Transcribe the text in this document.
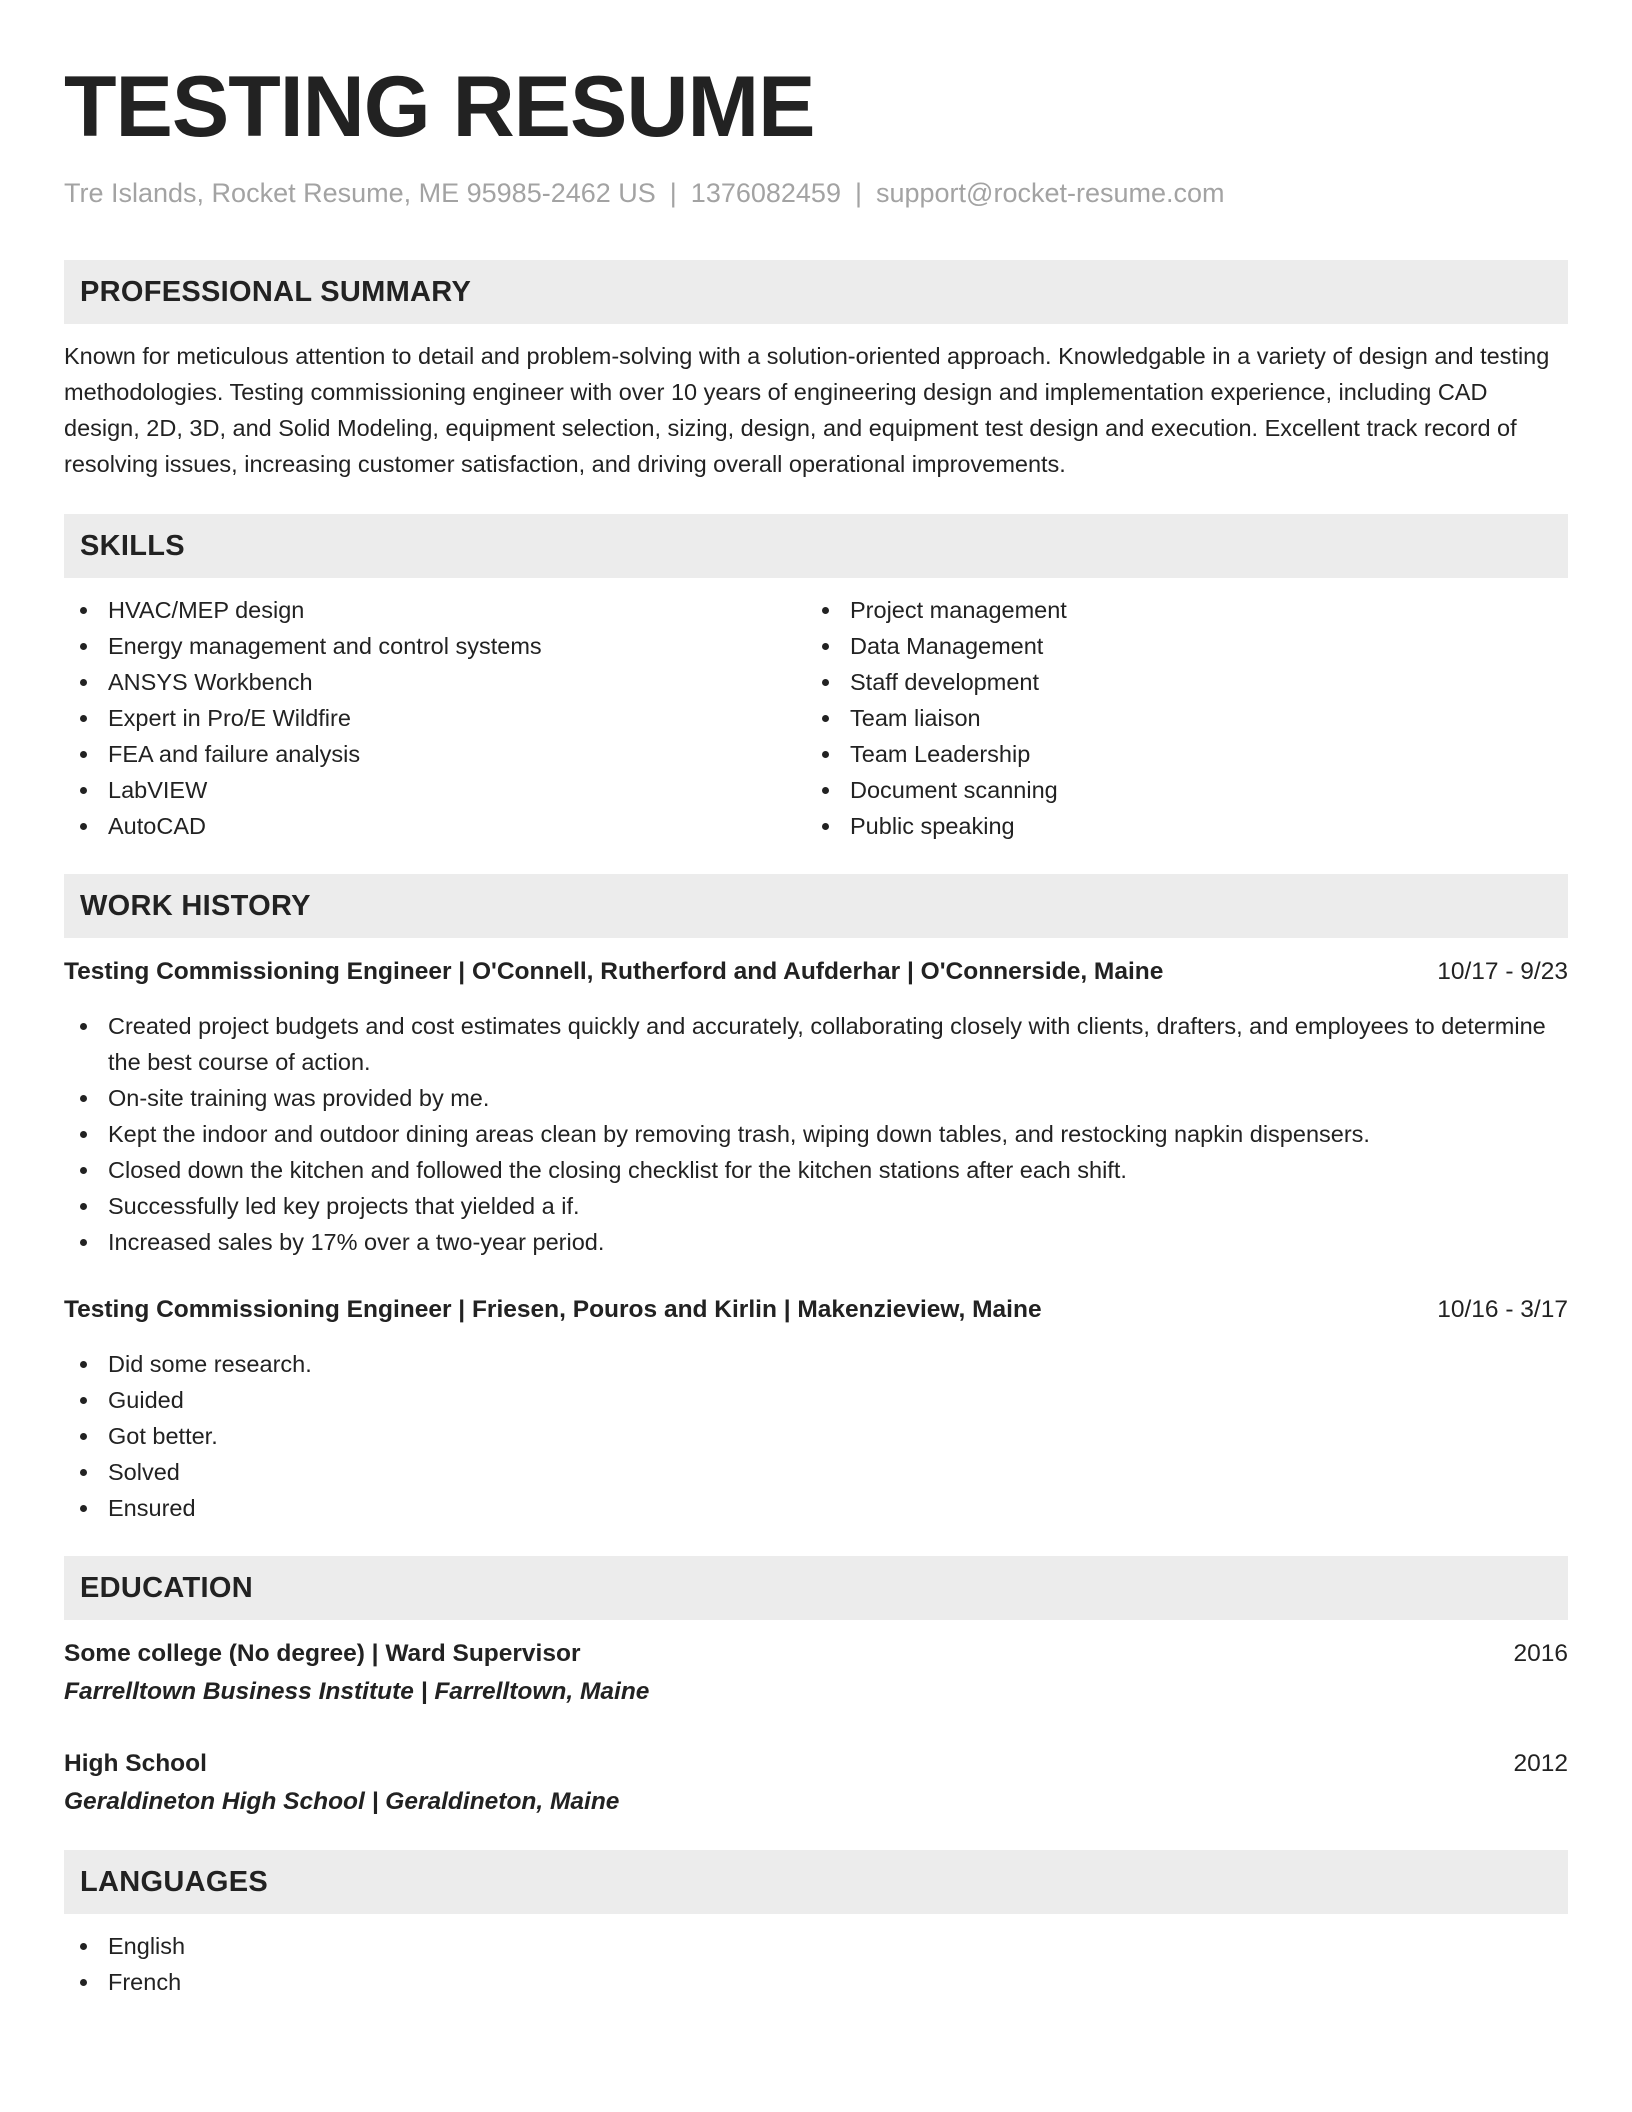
TESTING RESUME
Tre Islands, Rocket Resume, ME 95985-2462 US | 1376082459 | support@rocket-resume.com
PROFESSIONAL SUMMARY
Known for meticulous attention to detail and problem-solving with a solution-oriented approach. Knowledgable in a variety of design and testing methodologies. Testing commissioning engineer with over 10 years of engineering design and implementation experience, including CAD design, 2D, 3D, and Solid Modeling, equipment selection, sizing, design, and equipment test design and execution. Excellent track record of resolving issues, increasing customer satisfaction, and driving overall operational improvements.
SKILLS
HVAC/MEP design
Energy management and control systems
ANSYS Workbench
Expert in Pro/E Wildfire
FEA and failure analysis
LabVIEW
AutoCAD
Project management
Data Management
Staff development
Team liaison
Team Leadership
Document scanning
Public speaking
WORK HISTORY
Testing Commissioning Engineer | O'Connell, Rutherford and Aufderhar | O'Connerside, Maine	10/17 - 9/23
Created project budgets and cost estimates quickly and accurately, collaborating closely with clients, drafters, and employees to determine the best course of action.
On-site training was provided by me.
Kept the indoor and outdoor dining areas clean by removing trash, wiping down tables, and restocking napkin dispensers.
Closed down the kitchen and followed the closing checklist for the kitchen stations after each shift.
Successfully led key projects that yielded a if.
Increased sales by 17% over a two-year period.
Testing Commissioning Engineer | Friesen, Pouros and Kirlin | Makenzieview, Maine	10/16 - 3/17
Did some research.
Guided
Got better.
Solved
Ensured
EDUCATION
Some college (No degree) | Ward Supervisor	2016
Farrelltown Business Institute | Farrelltown, Maine
High School	2012
Geraldineton High School | Geraldineton, Maine
LANGUAGES
English
French
